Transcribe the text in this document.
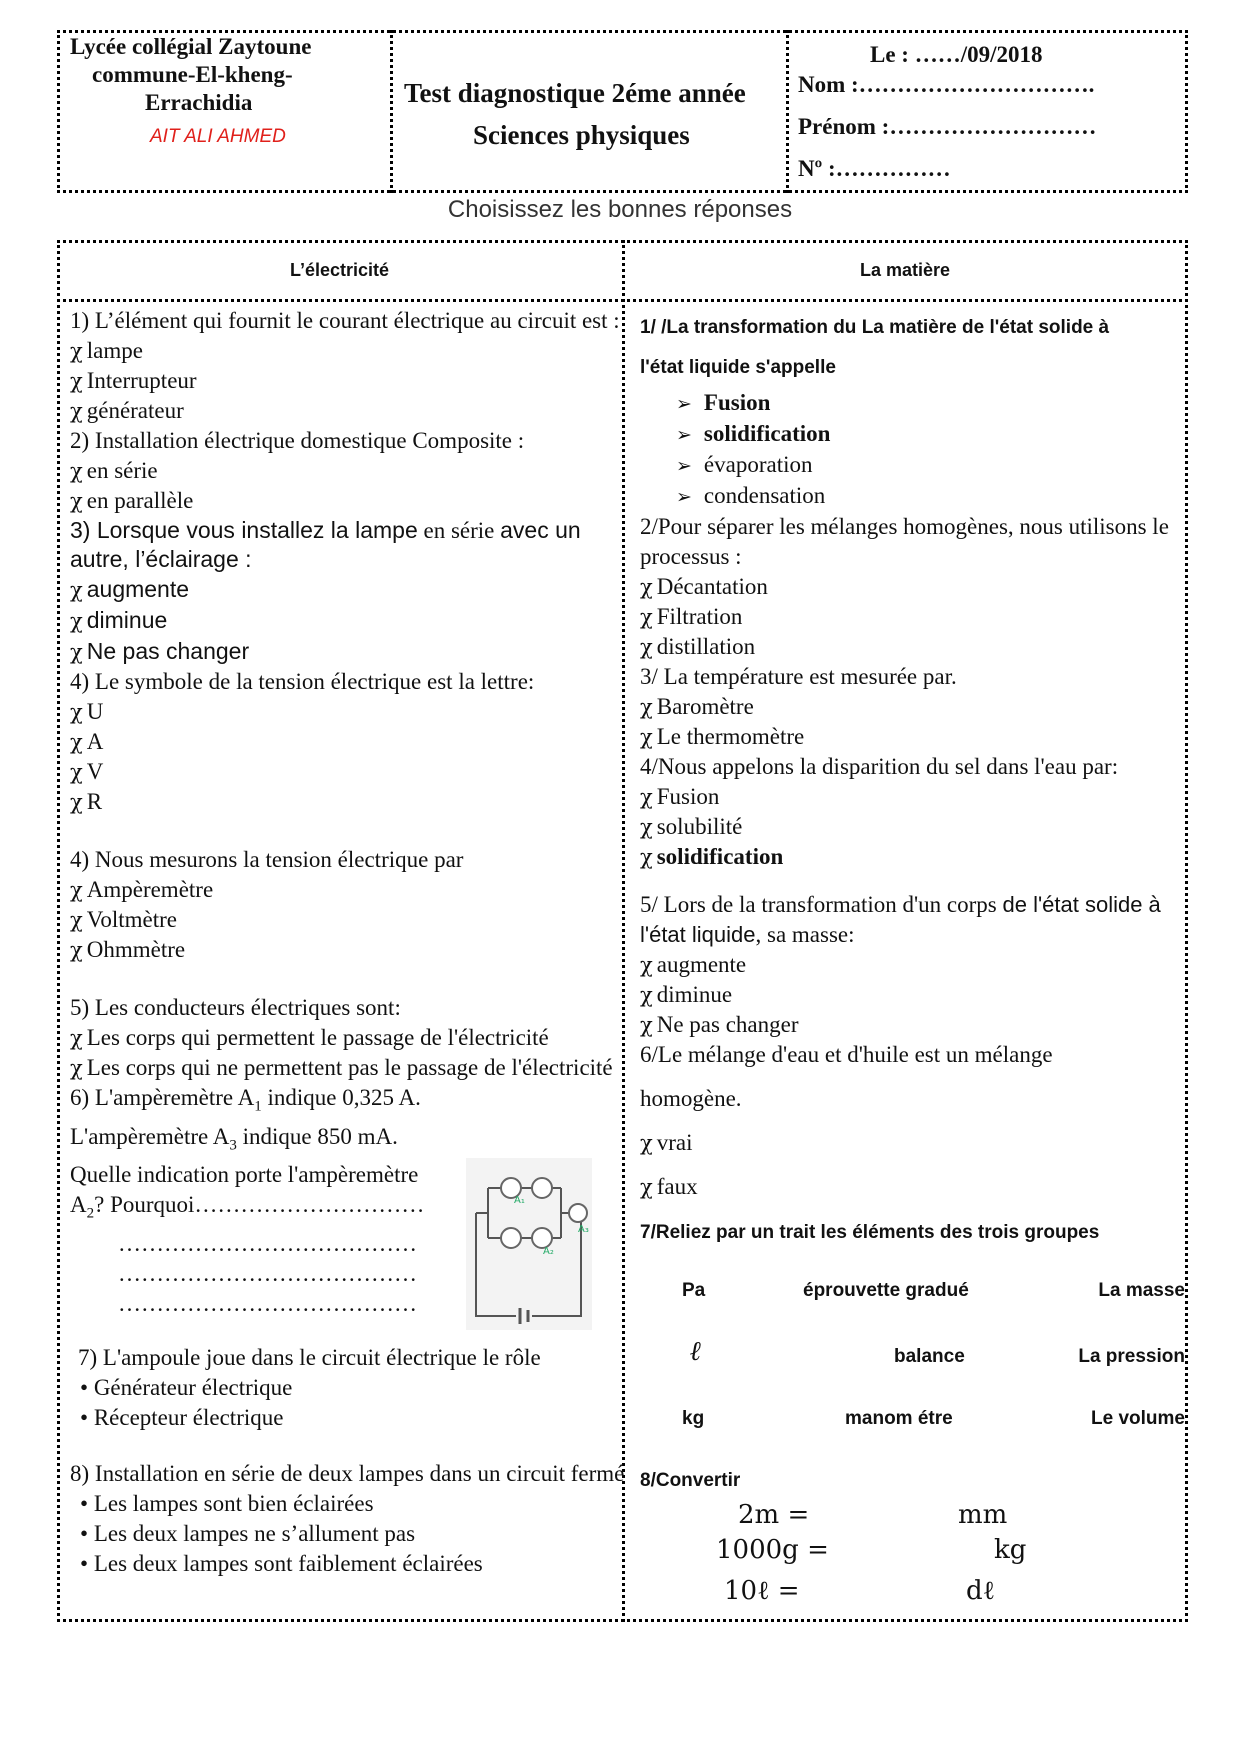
Lycée collégial Zaytoune
commune-El-kheng-
Errachidia
AIT ALI AHMED
Test diagnostique 2éme année
Sciences physiques
Le : ……/09/2018
Nom :………………………….
Prénom :………………………
Nº :……………
Choisissez les bonnes réponses
L’électricité	La matière

1) L’élément qui fournit le courant électrique au circuit est :

χ lampe
χ Interrupteur
χ générateur

2) Installation électrique domestique Composite :

χ en série
χ en parallèle

3) Lorsque vous installez la lampe en série avec un autre, l’éclairage :

χ augmente
χ diminue
χ Ne pas changer

4) Le symbole de la tension électrique est la lettre:

χ U
χ A
χ V
χ R

4) Nous mesurons la tension électrique par

χ Ampèremètre
χ Voltmètre
χ Ohmmètre

5) Les conducteurs électriques sont:

χ Les corps qui permettent le passage de l'électricité
χ Les corps qui ne permettent pas le passage de l'électricité
6) L'ampèremètre $A_1$ indique 0,325 A.
L'ampèremètre $A_3$ indique 850 mA.
Quelle indication porte l'ampèremètre
$A_2$? Pourquoi…………………………
…………………………………
…………………………………
…………………………………

7) L'ampoule joue dans le circuit électrique le rôle

• Générateur électrique
• Récepteur électrique

8) Installation en série de deux lampes dans un circuit fermé

• Les lampes sont bien éclairées
• Les deux lampes ne s’allument pas
• Les deux lampes sont faiblement éclairées
A₁
A₂
A₃
1/ /La transformation du La matière de l'état solide à
l'état liquide s'appelle
➢ Fusion
➢ solidification
➢ évaporation
➢ condensation

2/Pour séparer les mélanges homogènes, nous utilisons le processus :

χ Décantation
χ Filtration
χ distillation

3/ La température est mesurée par.

χ Baromètre
χ Le thermomètre

4/Nous appelons la disparition du sel dans l'eau par:

χ Fusion
χ solubilité
χ solidification

5/ Lors de la transformation d'un corps de l'état solide à l'état liquide, sa masse:

χ augmente
χ diminue
χ Ne pas changer

6/Le mélange d'eau et d'huile est un mélange

homogène.

χ vrai
χ faux
7/Reliez par un trait les éléments des trois groupes
Pa	éprouvette gradué	La masse
ℓ	balance	La pression
kg	manom étre	Le volume
8/Convertir
2m =	mm
1000g =	kg
10ℓ =	dℓ
